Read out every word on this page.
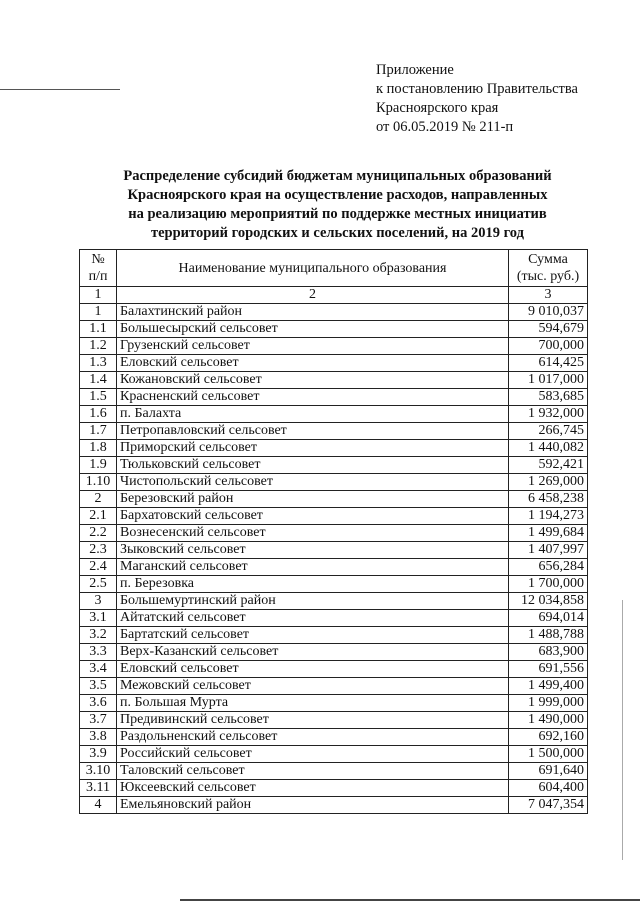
Приложение
к постановлению Правительства
Красноярского края
от 06.05.2019 № 211-п
Распределение субсидий бюджетам муниципальных образований
Красноярского края на осуществление расходов, направленных
на реализацию мероприятий по поддержке местных инициатив
территорий городских и сельских поселений, на 2019 год
№
п/п	Наименование муниципального образования	Сумма
(тыс. руб.)
1	2	3
1	Балахтинский район	9 010,037
1.1	Большесырский сельсовет	594,679
1.2	Грузенский сельсовет	700,000
1.3	Еловский сельсовет	614,425
1.4	Кожановский сельсовет	1 017,000
1.5	Красненский сельсовет	583,685
1.6	п. Балахта	1 932,000
1.7	Петропавловский сельсовет	266,745
1.8	Приморский сельсовет	1 440,082
1.9	Тюльковский сельсовет	592,421
1.10	Чистопольский сельсовет	1 269,000
2	Березовский район	6 458,238
2.1	Бархатовский сельсовет	1 194,273
2.2	Вознесенский сельсовет	1 499,684
2.3	Зыковский сельсовет	1 407,997
2.4	Маганский сельсовет	656,284
2.5	п. Березовка	1 700,000
3	Большемуртинский район	12 034,858
3.1	Айтатский сельсовет	694,014
3.2	Бартатский сельсовет	1 488,788
3.3	Верх-Казанский сельсовет	683,900
3.4	Еловский сельсовет	691,556
3.5	Межовский сельсовет	1 499,400
3.6	п. Большая Мурта	1 999,000
3.7	Предивинский сельсовет	1 490,000
3.8	Раздольненский сельсовет	692,160
3.9	Российский сельсовет	1 500,000
3.10	Таловский сельсовет	691,640
3.11	Юксеевский сельсовет	604,400
4	Емельяновский район	7 047,354
